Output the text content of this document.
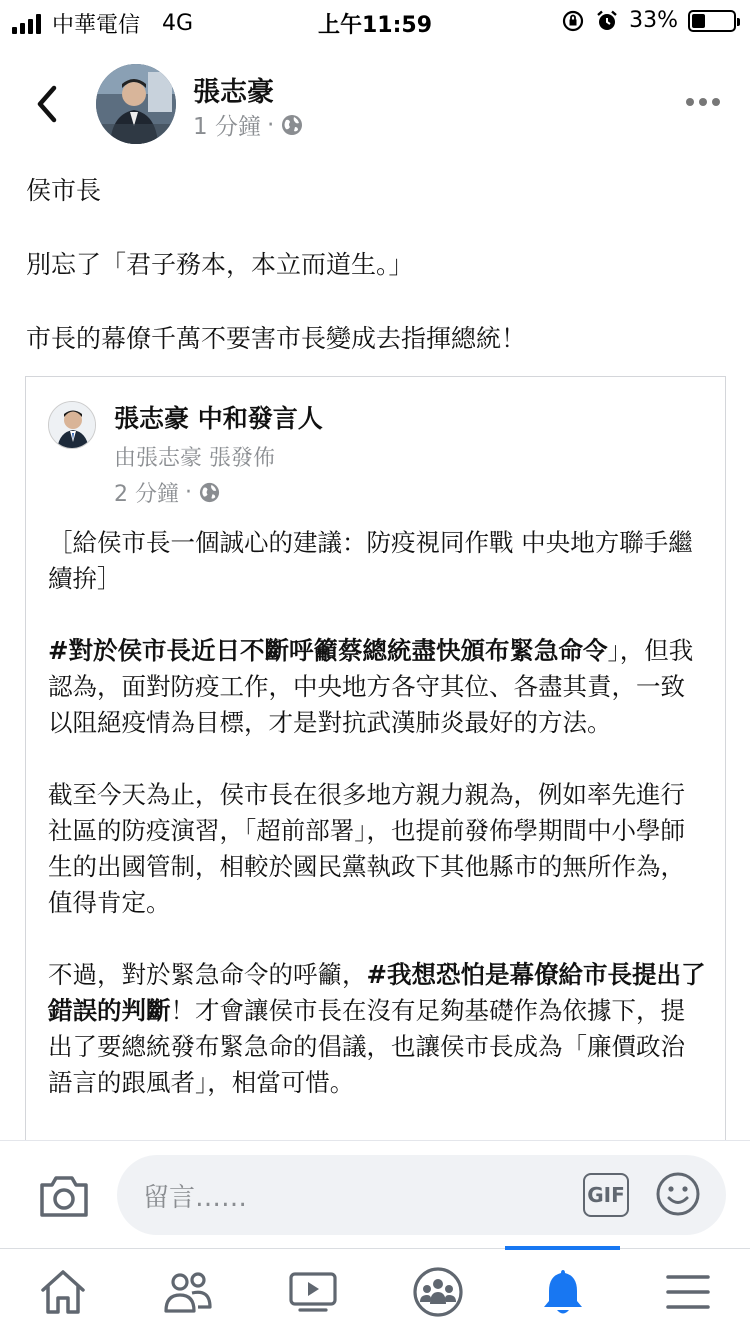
中華電信 4G	上午11:59	33%
張志豪
1 分鐘 ·

侯市長

別忘了「君子務本，本立而道生。」

市長的幕僚千萬不要害市長變成去指揮總統！

張志豪 中和發言人
由張志豪 張發佈
2 分鐘 ·

［給侯市長一個誠心的建議：防疫視同作戰 中央地方聯手繼續拚］

#對於侯市長近日不斷呼籲蔡總統盡快頒布緊急命令」，但我認為，面對防疫工作，中央地方各守其位、各盡其責，一致以阻絕疫情為目標，才是對抗武漢肺炎最好的方法。

截至今天為止，侯市長在很多地方親力親為，例如率先進行社區的防疫演習，「超前部署」，也提前發佈學期間中小學師生的出國管制，相較於國民黨執政下其他縣市的無所作為，值得肯定。

不過，對於緊急命令的呼籲，#我想恐怕是幕僚給市長提出了錯誤的判斷！才會讓侯市長在沒有足夠基礎作為依據下，提出了要總統發布緊急命的倡議，也讓侯市長成為「廉價政治語言的跟風者」，相當可惜。

留言……	GIF
